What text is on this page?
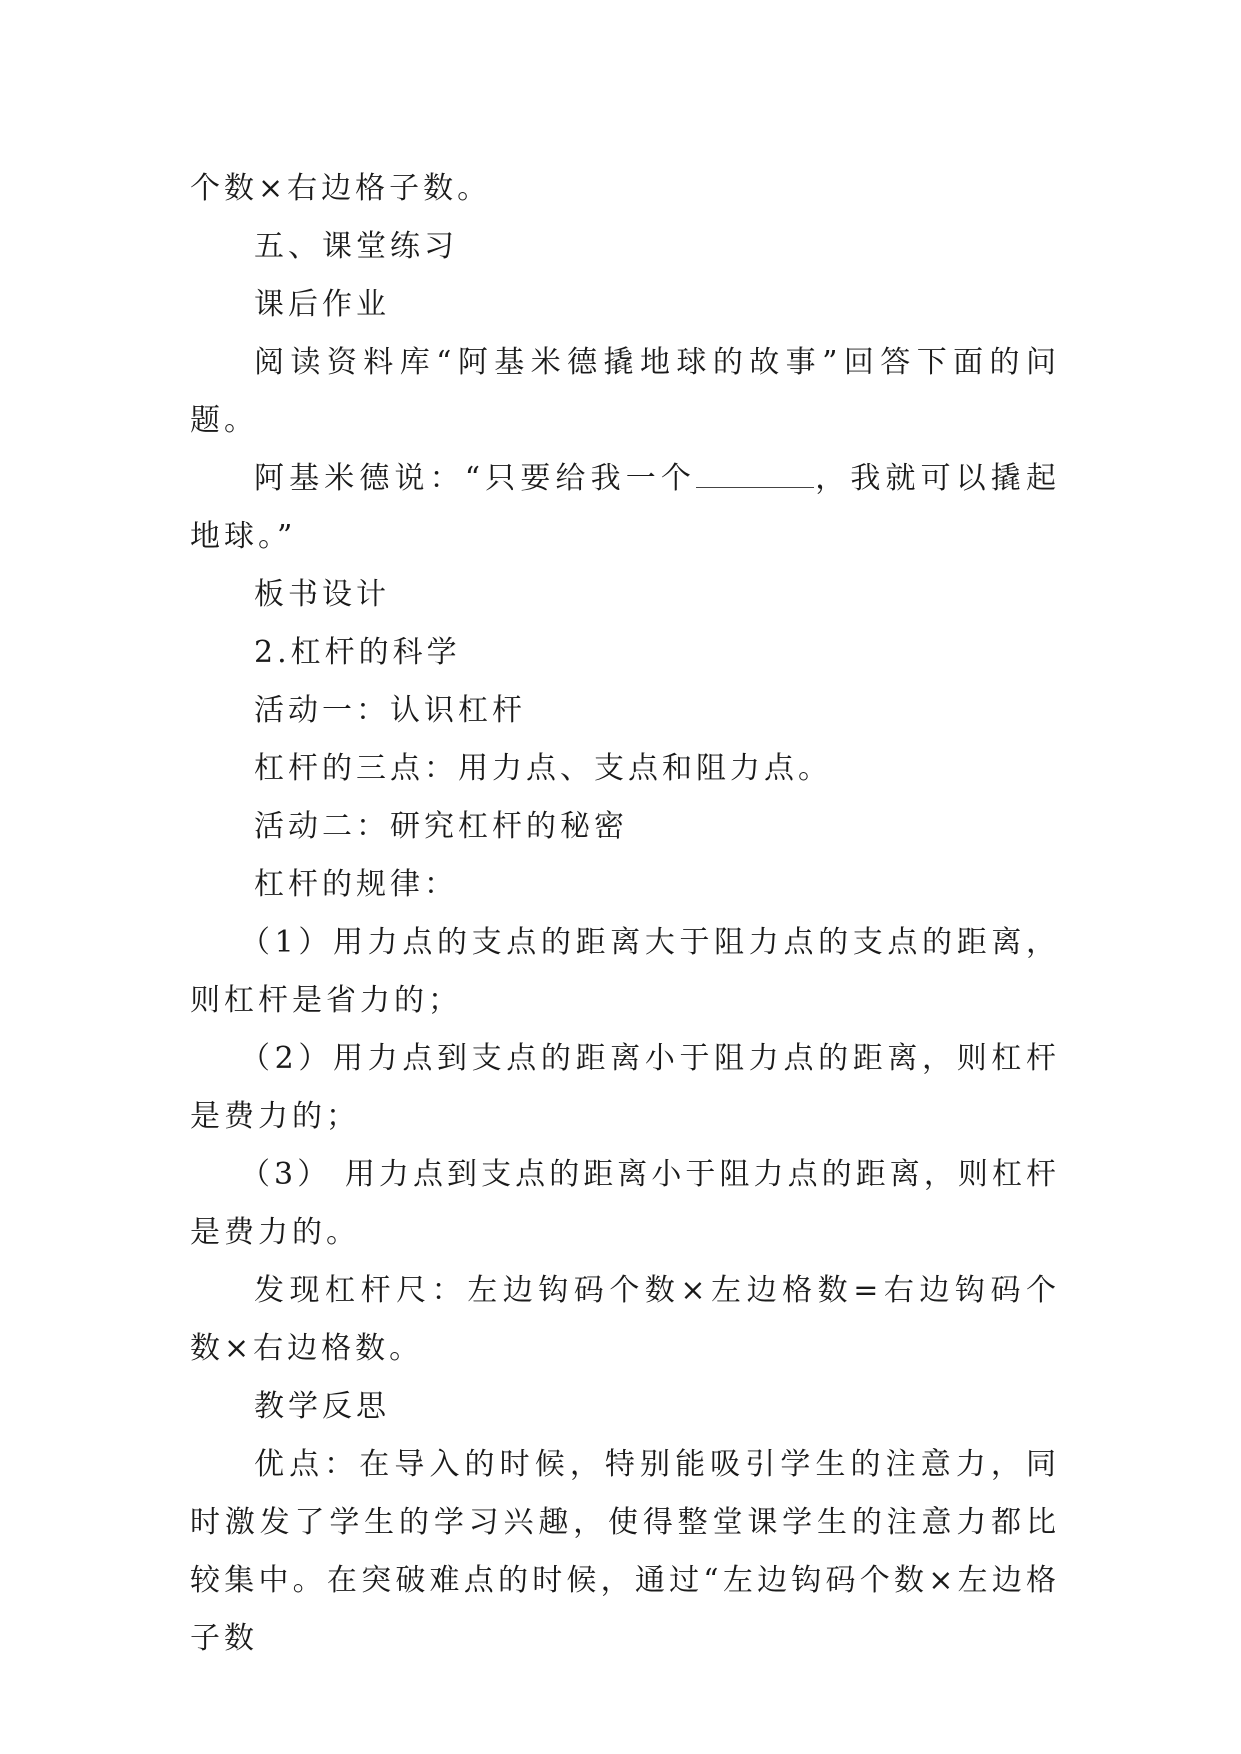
个数×右边格子数。

五、课堂练习

课后作业

阅读资料库“阿基米德撬地球的故事”回答下面的问题。

阿基米德说：“只要给我一个	，我就可以撬起地球。”

板书设计

2.杠杆的科学

活动一：认识杠杆

杠杆的三点：用力点、支点和阻力点。

活动二：研究杠杆的秘密

杠杆的规律：

（1）用力点的支点的距离大于阻力点的支点的距离，则杠杆是省力的；

（2）用力点到支点的距离小于阻力点的距离，则杠杆是费力的；

（3） 用力点到支点的距离小于阻力点的距离，则杠杆是费力的。

发现杠杆尺：左边钩码个数×左边格数=右边钩码个数×右边格数。

教学反思

优点：在导入的时候，特别能吸引学生的注意力，同时激发了学生的学习兴趣，使得整堂课学生的注意力都比较集中。在突破难点的时候，通过“左边钩码个数×左边格子数
